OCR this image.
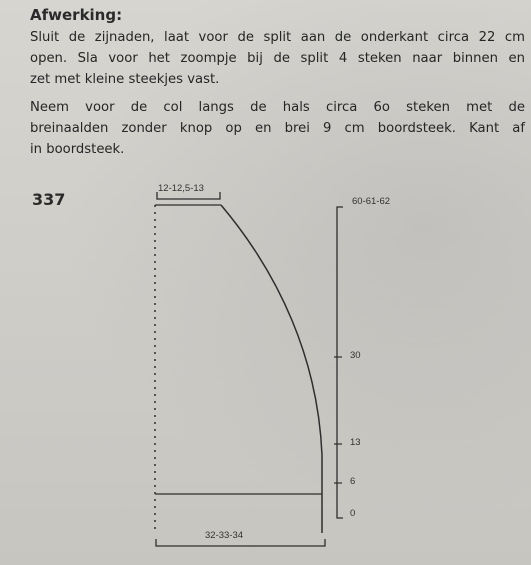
Afwerking:
Sluit de zijnaden, laat voor de split aan de onderkant circa 22 cm
open. Sla voor het zoompje bij de split 4 steken naar binnen en
zet met kleine steekjes vast.
Neem voor de col langs de hals circa 6o steken met de
breinaalden zonder knop op en brei 9 cm boordsteek. Kant af
in boordsteek.
337
12-12,5-13
60-61-62
30
13
6
0
32-33-34
